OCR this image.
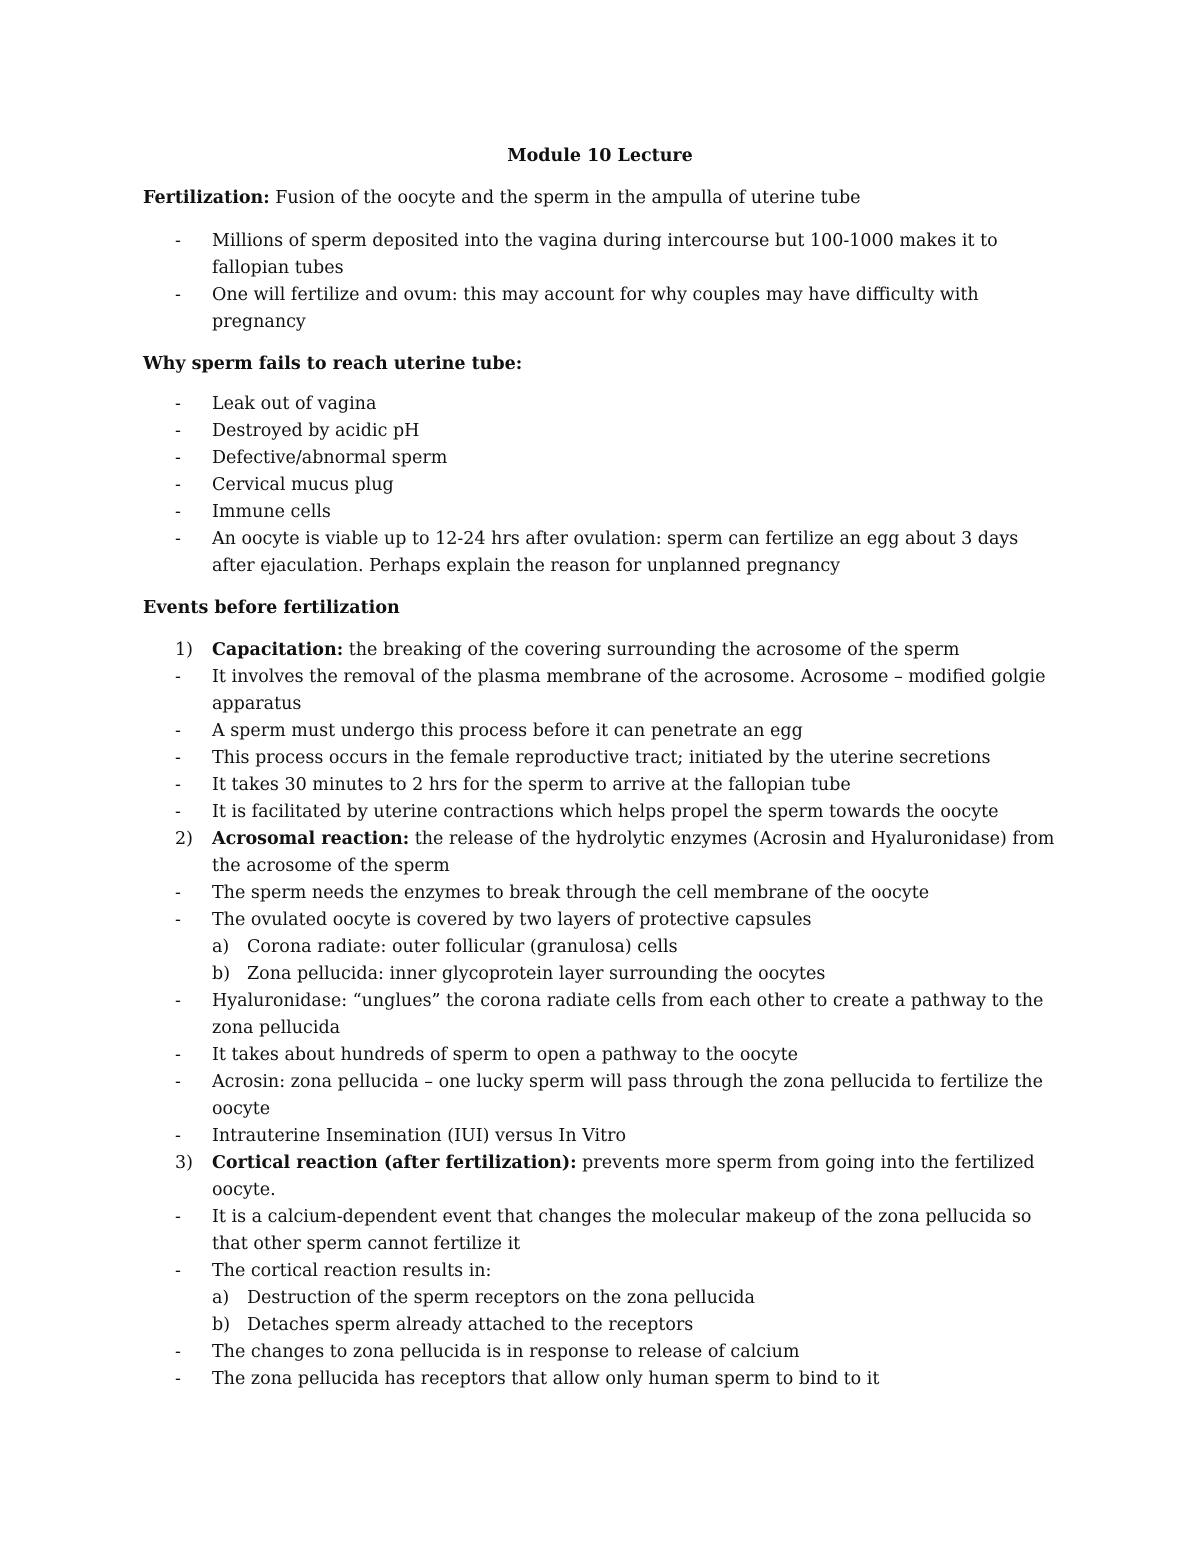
Module 10 Lecture
Fertilization: Fusion of the oocyte and the sperm in the ampulla of uterine tube
- Millions of sperm deposited into the vagina during intercourse but 100-1000 makes it to fallopian tubes
- One will fertilize and ovum: this may account for why couples may have difficulty with pregnancy
Why sperm fails to reach uterine tube:
- Leak out of vagina
- Destroyed by acidic pH
- Defective/abnormal sperm
- Cervical mucus plug
- Immune cells
- An oocyte is viable up to 12-24 hrs after ovulation: sperm can fertilize an egg about 3 days after ejaculation. Perhaps explain the reason for unplanned pregnancy
Events before fertilization
1) Capacitation: the breaking of the covering surrounding the acrosome of the sperm
- It involves the removal of the plasma membrane of the acrosome. Acrosome – modified golgie apparatus
- A sperm must undergo this process before it can penetrate an egg
- This process occurs in the female reproductive tract; initiated by the uterine secretions
- It takes 30 minutes to 2 hrs for the sperm to arrive at the fallopian tube
- It is facilitated by uterine contractions which helps propel the sperm towards the oocyte
2) Acrosomal reaction: the release of the hydrolytic enzymes (Acrosin and Hyaluronidase) from the acrosome of the sperm
- The sperm needs the enzymes to break through the cell membrane of the oocyte
- The ovulated oocyte is covered by two layers of protective capsules
a) Corona radiate: outer follicular (granulosa) cells
b) Zona pellucida: inner glycoprotein layer surrounding the oocytes
- Hyaluronidase: “unglues” the corona radiate cells from each other to create a pathway to the zona pellucida
- It takes about hundreds of sperm to open a pathway to the oocyte
- Acrosin: zona pellucida – one lucky sperm will pass through the zona pellucida to fertilize the oocyte
- Intrauterine Insemination (IUI) versus In Vitro
3) Cortical reaction (after fertilization): prevents more sperm from going into the fertilized oocyte.
- It is a calcium-dependent event that changes the molecular makeup of the zona pellucida so that other sperm cannot fertilize it
- The cortical reaction results in:
a) Destruction of the sperm receptors on the zona pellucida
b) Detaches sperm already attached to the receptors
- The changes to zona pellucida is in response to release of calcium
- The zona pellucida has receptors that allow only human sperm to bind to it
